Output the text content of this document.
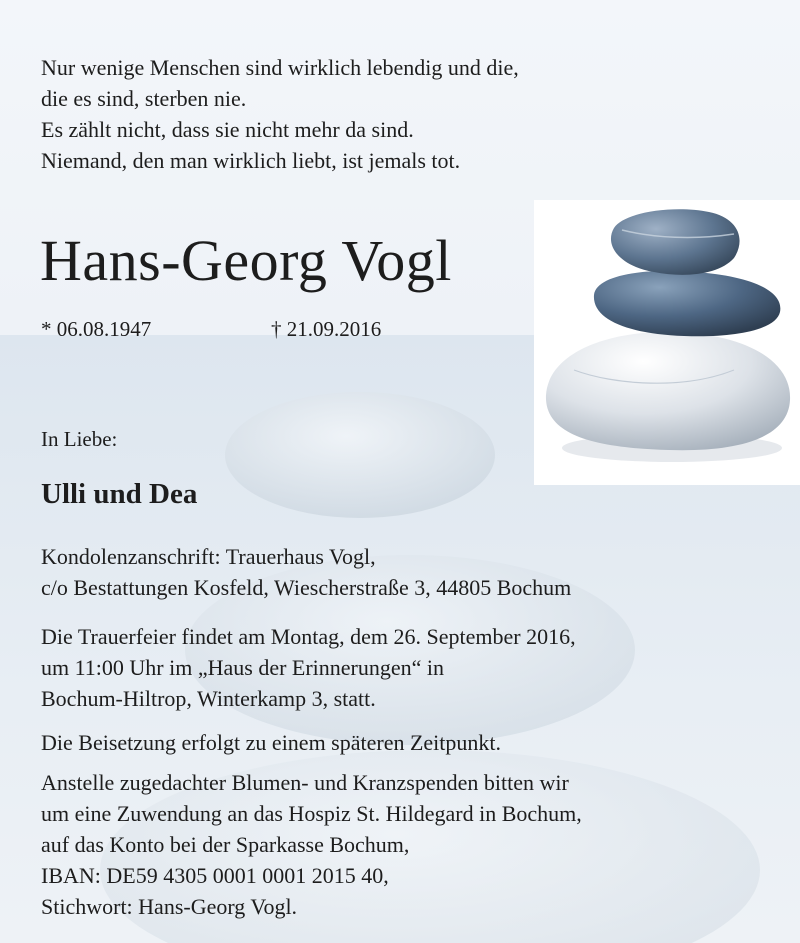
Nur wenige Menschen sind wirklich lebendig und die,
die es sind, sterben nie.
Es zählt nicht, dass sie nicht mehr da sind.
Niemand, den man wirklich liebt, ist jemals tot.
Hans-Georg Vogl
* 06.08.1947	† 21.09.2016
In Liebe:
Ulli und Dea
Kondolenzanschrift: Trauerhaus Vogl,
c/o Bestattungen Kosfeld, Wiescherstraße 3, 44805 Bochum
Die Trauerfeier findet am Montag, dem 26. September 2016,
um 11:00 Uhr im „Haus der Erinnerungen“ in
Bochum-Hiltrop, Winterkamp 3, statt.
Die Beisetzung erfolgt zu einem späteren Zeitpunkt.
Anstelle zugedachter Blumen- und Kranzspenden bitten wir
um eine Zuwendung an das Hospiz St. Hildegard in Bochum,
auf das Konto bei der Sparkasse Bochum,
IBAN: DE59 4305 0001 0001 2015 40,
Stichwort: Hans-Georg Vogl.
